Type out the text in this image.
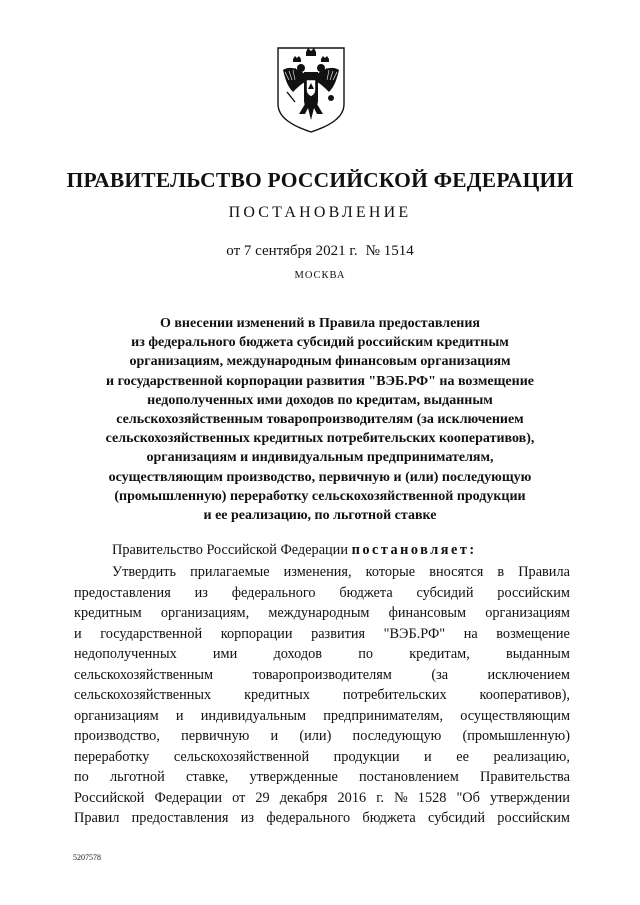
ПРАВИТЕЛЬСТВО РОССИЙСКОЙ ФЕДЕРАЦИИ
ПОСТАНОВЛЕНИЕ
от 7 сентября 2021 г. № 1514
МОСКВА
О внесении изменений в Правила предоставления
из федерального бюджета субсидий российским кредитным
организациям, международным финансовым организациям
и государственной корпорации развития "ВЭБ.РФ" на возмещение
недополученных ими доходов по кредитам, выданным
сельскохозяйственным товаропроизводителям (за исключением
сельскохозяйственных кредитных потребительских кооперативов),
организациям и индивидуальным предпринимателям,
осуществляющим производство, первичную и (или) последующую
(промышленную) переработку сельскохозяйственной продукции
и ее реализацию, по льготной ставке
Правительство Российской Федерации постановляет:
Утвердить прилагаемые изменения, которые вносятся в Правила
предоставления из федерального бюджета субсидий российским
кредитным организациям, международным финансовым организациям
и государственной корпорации развития "ВЭБ.РФ" на возмещение
недополученных	ими	доходов	по	кредитам,	выданным
сельскохозяйственным	товаропроизводителям	(за	исключением
сельскохозяйственных кредитных потребительских кооперативов),
организациям и индивидуальным предпринимателям, осуществляющим
производство, первичную и (или) последующую (промышленную)
переработку сельскохозяйственной продукции и ее реализацию,
по льготной ставке, утвержденные постановлением Правительства
Российской Федерации от 29 декабря 2016 г. № 1528 "Об утверждении
Правил предоставления из федерального бюджета субсидий российским
5207578
